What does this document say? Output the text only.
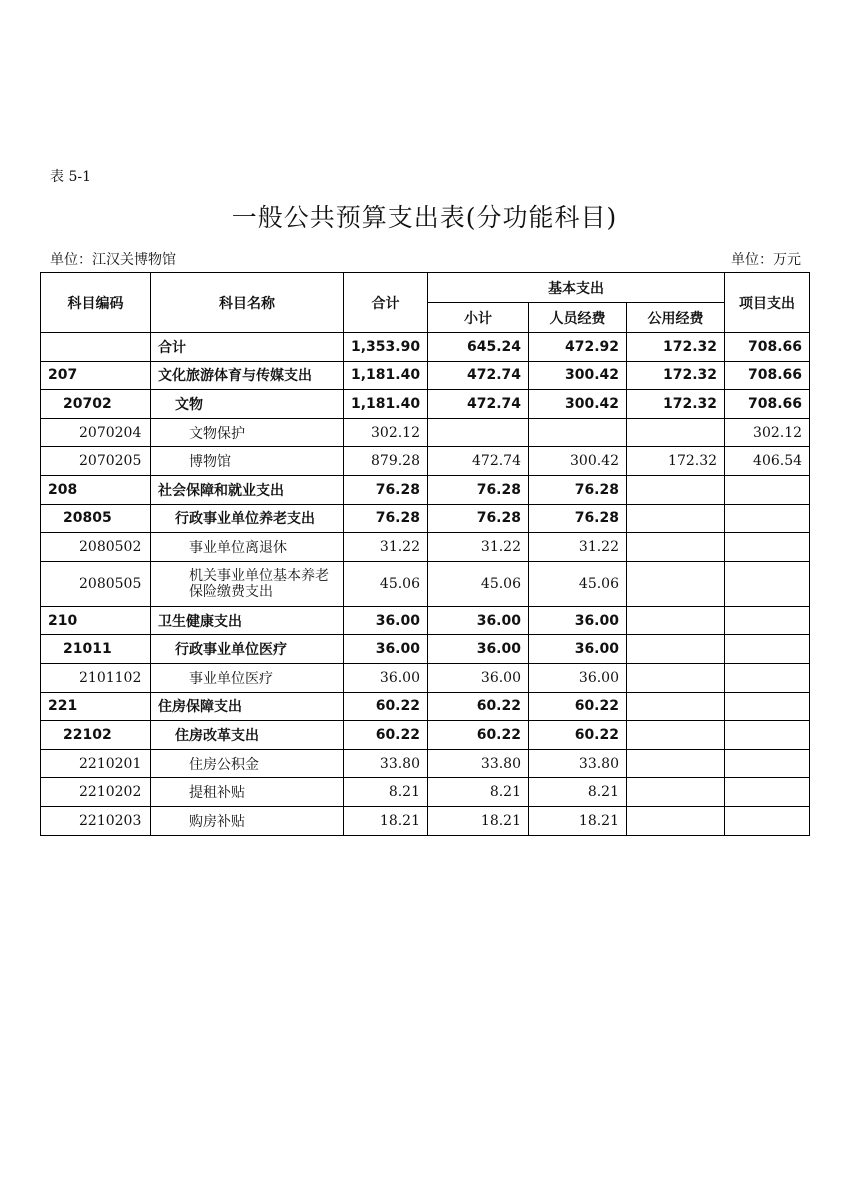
表 5-1
一般公共预算支出表(分功能科目)
单位：江汉关博物馆	单位：万元
科目编码	科目名称	合计	基本支出			项目支出
			小计	人员经费	公用经费	
	合计	1,353.90	645.24	472.92	172.32	708.66
207	文化旅游体育与传媒支出	1,181.40	472.74	300.42	172.32	708.66
20702	文物	1,181.40	472.74	300.42	172.32	708.66
2070204	文物保护	302.12				302.12
2070205	博物馆	879.28	472.74	300.42	172.32	406.54
208	社会保障和就业支出	76.28	76.28	76.28		
20805	行政事业单位养老支出	76.28	76.28	76.28		
2080502	事业单位离退休	31.22	31.22	31.22		
2080505	机关事业单位基本养老保险缴费支出	45.06	45.06	45.06		
210	卫生健康支出	36.00	36.00	36.00		
21011	行政事业单位医疗	36.00	36.00	36.00		
2101102	事业单位医疗	36.00	36.00	36.00		
221	住房保障支出	60.22	60.22	60.22		
22102	住房改革支出	60.22	60.22	60.22		
2210201	住房公积金	33.80	33.80	33.80		
2210202	提租补贴	8.21	8.21	8.21		
2210203	购房补贴	18.21	18.21	18.21		
